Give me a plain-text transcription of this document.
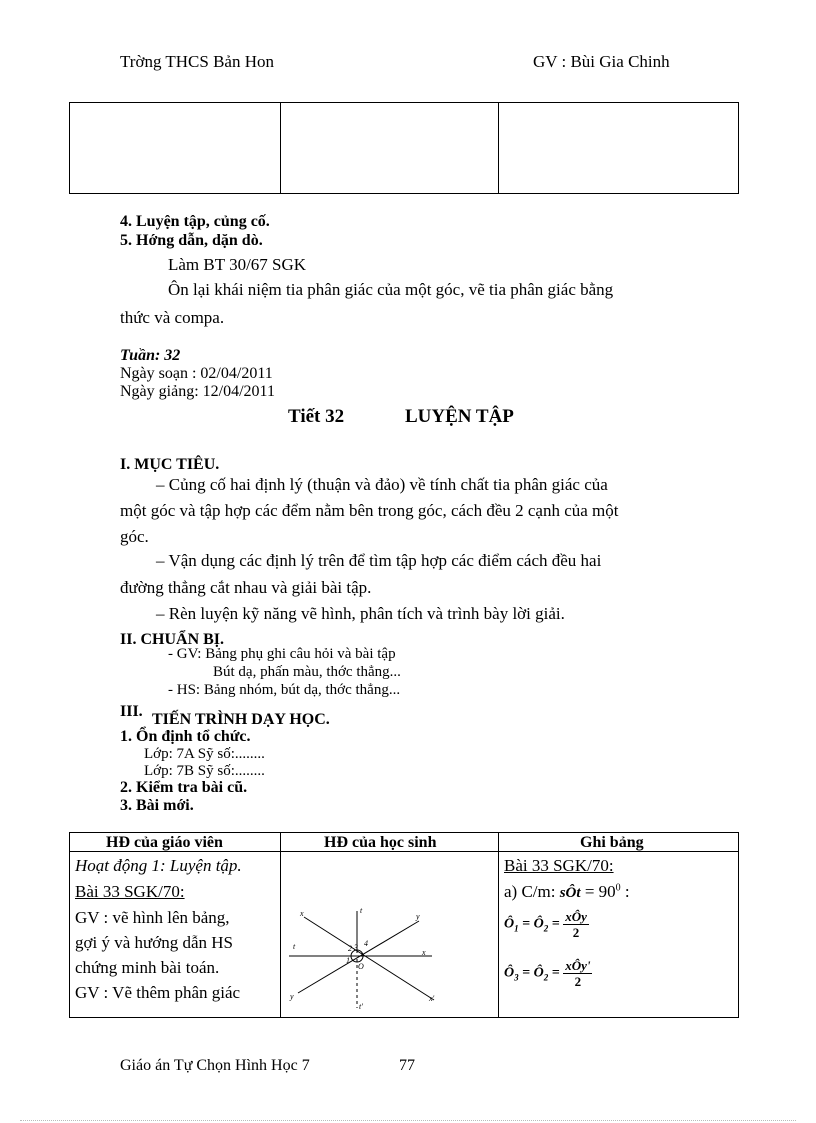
Trờng THCS Bản Hon	GV : Bùi Gia Chinh
4. Luyện tập, củng cố.
5. Hớng dẫn, dặn dò.
Làm BT 30/67 SGK
Ôn lại khái niệm tia phân giác của một góc, vẽ tia phân giác bằng
thức và compa.
Tuần: 32
Ngày soạn : 02/04/2011
Ngày giảng: 12/04/2011
Tiết 32	LUYỆN TẬP
I. MỤC TIÊU.
– Củng cố hai định lý (thuận và đảo) về tính chất tia phân giác của
một góc và tập hợp các đểm nằm bên trong góc, cách đều 2 cạnh của một
góc.
– Vận dụng các định lý trên để tìm tập hợp các điểm cách đều hai
đường thẳng cắt nhau và giải bài tập.
– Rèn luyện kỹ năng vẽ hình, phân tích và trình bày lời giải.
II. CHUẨN BỊ.
- GV: Bảng phụ ghi câu hỏi và bài tập
Bút dạ, phấn màu, thớc thẳng...
- HS: Bảng nhóm, bút dạ, thớc thẳng...
III. TIẾN TRÌNH DẠY HỌC.
1. Ổn định tổ chức.
Lớp: 7A Sỹ số:........
Lớp: 7B Sỹ số:........
2. Kiểm tra bài cũ.
3. Bài mới.
HĐ của giáo viên	HĐ của học sinh	Ghi bảng
Hoạt động 1: Luyện tập.
Bài 33 SGK/70:
GV : vẽ hình lên bảng,
gợi ý và hướng dẫn HS
chứng minh bài toán.
GV : Vẽ thêm phân giác
x	t
y
t	2 3 4
1
O
x'
y
t'
x
Bài 33 SGK/70:
a) C/m: sÔt = $90^0$ :
$Ô_1$ = $Ô_2 = \frac{\text{xÔy}}{2}$
$Ô_3$ = $Ô_2 = \frac{\text{xÔy'}}{2}$
Giáo án Tự Chọn Hình Học 7	77
